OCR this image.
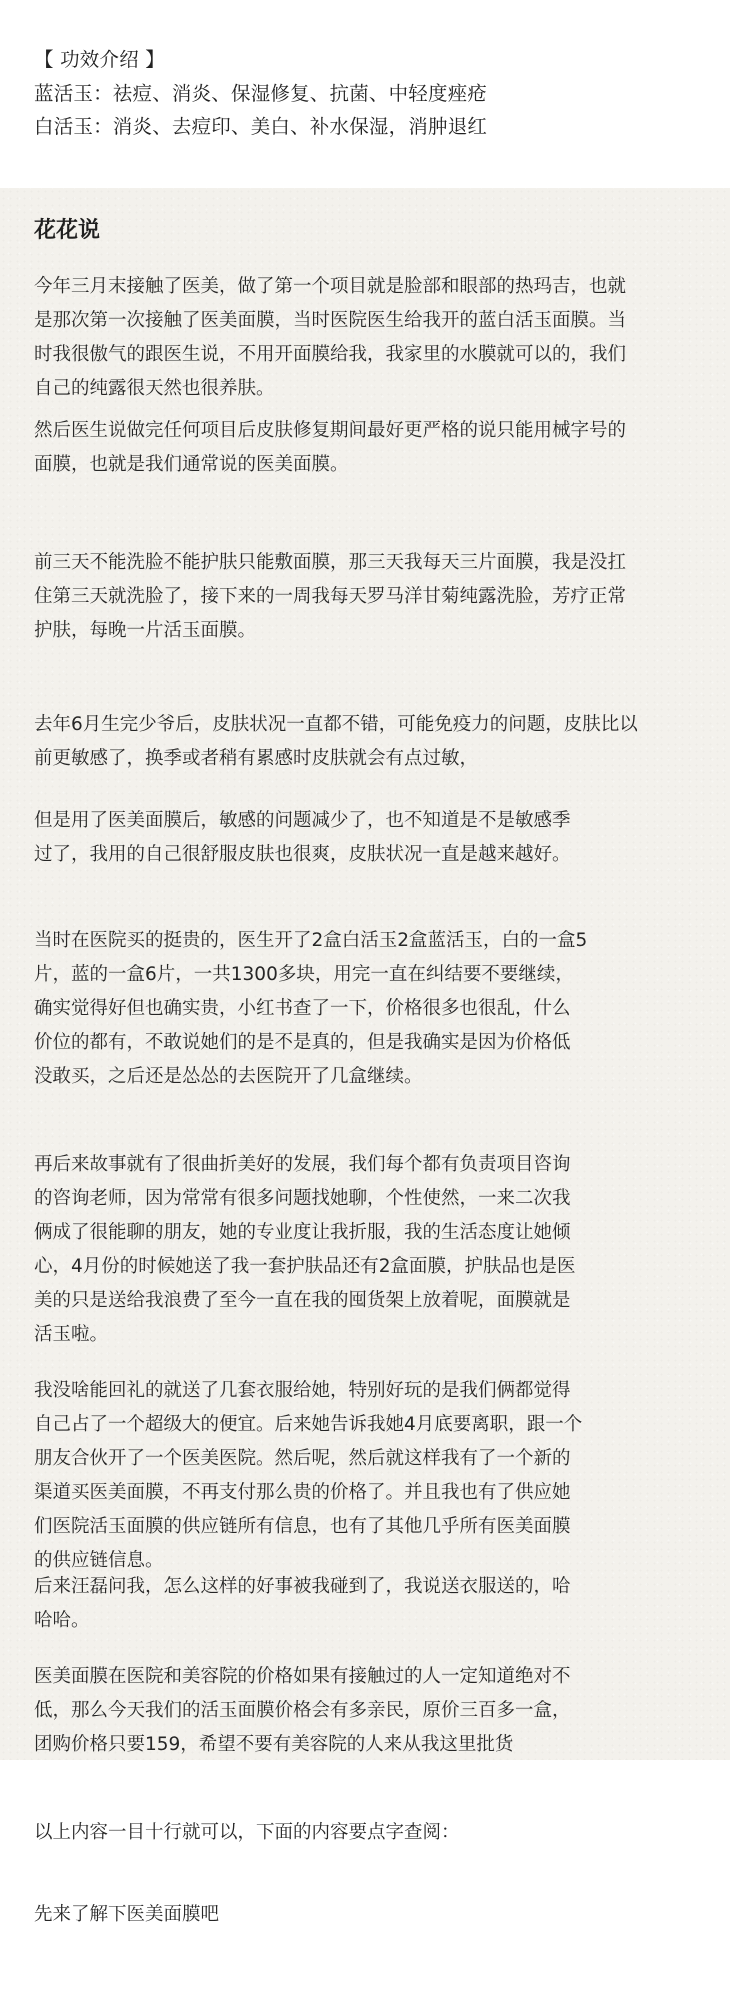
【 功效介绍 】
蓝活玉：祛痘、消炎、保湿修复、抗菌、中轻度痤疮
白活玉：消炎、去痘印、美白、补水保湿，消肿退红
花花说
今年三月末接触了医美，做了第一个项目就是脸部和眼部的热玛吉，也就
是那次第一次接触了医美面膜，当时医院医生给我开的蓝白活玉面膜。当
时我很傲气的跟医生说，不用开面膜给我，我家里的水膜就可以的，我们
自己的纯露很天然也很养肤。
然后医生说做完任何项目后皮肤修复期间最好更严格的说只能用械字号的
面膜，也就是我们通常说的医美面膜。
前三天不能洗脸不能护肤只能敷面膜，那三天我每天三片面膜，我是没扛
住第三天就洗脸了，接下来的一周我每天罗马洋甘菊纯露洗脸，芳疗正常
护肤，每晚一片活玉面膜。
去年6月生完少爷后，皮肤状况一直都不错，可能免疫力的问题，皮肤比以
前更敏感了，换季或者稍有累感时皮肤就会有点过敏，
但是用了医美面膜后，敏感的问题减少了，也不知道是不是敏感季
过了，我用的自己很舒服皮肤也很爽，皮肤状况一直是越来越好。
当时在医院买的挺贵的，医生开了2盒白活玉2盒蓝活玉，白的一盒5
片，蓝的一盒6片，一共1300多块，用完一直在纠结要不要继续，
确实觉得好但也确实贵，小红书查了一下，价格很多也很乱，什么
价位的都有，不敢说她们的是不是真的，但是我确实是因为价格低
没敢买，之后还是怂怂的去医院开了几盒继续。
再后来故事就有了很曲折美好的发展，我们每个都有负责项目咨询
的咨询老师，因为常常有很多问题找她聊，个性使然，一来二次我
俩成了很能聊的朋友，她的专业度让我折服，我的生活态度让她倾
心，4月份的时候她送了我一套护肤品还有2盒面膜，护肤品也是医
美的只是送给我浪费了至今一直在我的囤货架上放着呢，面膜就是
活玉啦。
我没啥能回礼的就送了几套衣服给她，特别好玩的是我们俩都觉得
自己占了一个超级大的便宜。后来她告诉我她4月底要离职，跟一个
朋友合伙开了一个医美医院。然后呢，然后就这样我有了一个新的
渠道买医美面膜，不再支付那么贵的价格了。并且我也有了供应她
们医院活玉面膜的供应链所有信息，也有了其他几乎所有医美面膜
的供应链信息。
后来汪磊问我，怎么这样的好事被我碰到了，我说送衣服送的，哈
哈哈。
医美面膜在医院和美容院的价格如果有接触过的人一定知道绝对不
低，那么今天我们的活玉面膜价格会有多亲民，原价三百多一盒，
团购价格只要159，希望不要有美容院的人来从我这里批货
以上内容一目十行就可以，下面的内容要点字查阅：
先来了解下医美面膜吧
